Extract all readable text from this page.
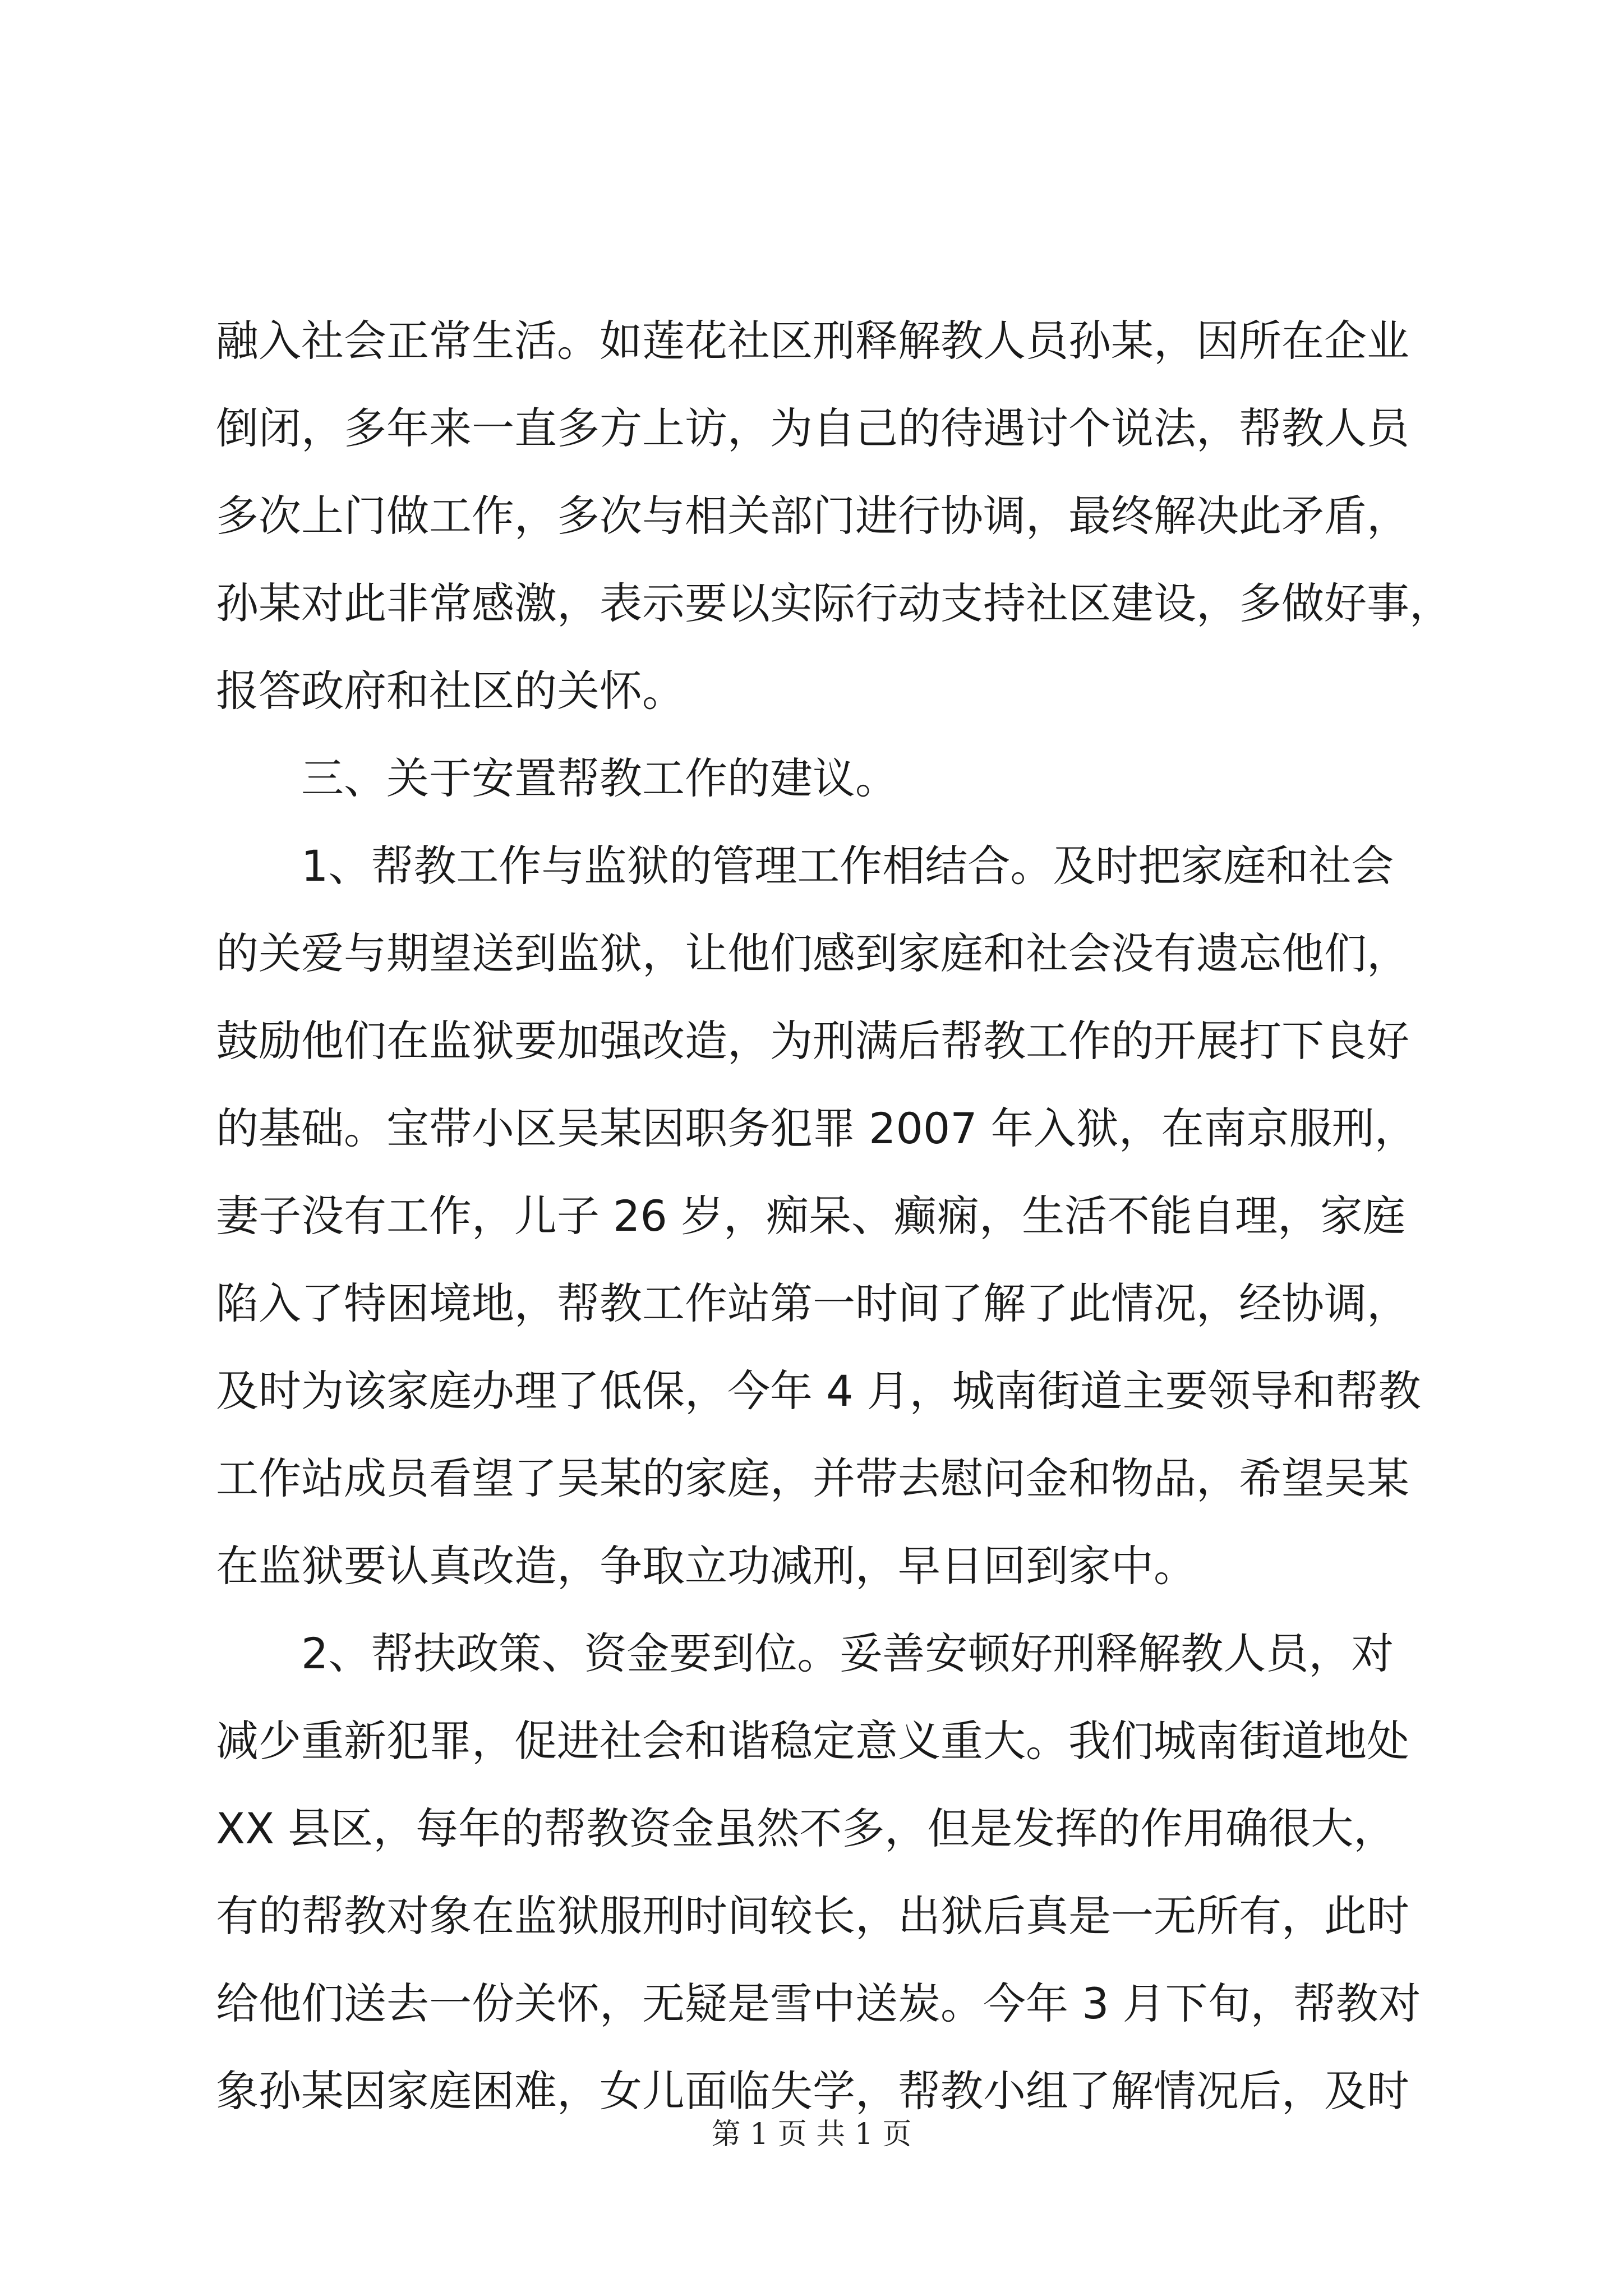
融入社会正常生活。如莲花社区刑释解教人员孙某，因所在企业
倒闭，多年来一直多方上访，为自己的待遇讨个说法，帮教人员
多次上门做工作，多次与相关部门进行协调，最终解决此矛盾，
孙某对此非常感激，表示要以实际行动支持社区建设，多做好事，
报答政府和社区的关怀。
三、关于安置帮教工作的建议。
1、帮教工作与监狱的管理工作相结合。及时把家庭和社会
的关爱与期望送到监狱，让他们感到家庭和社会没有遗忘他们，
鼓励他们在监狱要加强改造，为刑满后帮教工作的开展打下良好
的基础。宝带小区吴某因职务犯罪 2007 年入狱，在南京服刑，
妻子没有工作，儿子 26 岁，痴呆、癫痫，生活不能自理，家庭
陷入了特困境地，帮教工作站第一时间了解了此情况，经协调，
及时为该家庭办理了低保，今年 4 月，城南街道主要领导和帮教
工作站成员看望了吴某的家庭，并带去慰问金和物品，希望吴某
在监狱要认真改造，争取立功减刑，早日回到家中。
2、帮扶政策、资金要到位。妥善安顿好刑释解教人员，对
减少重新犯罪，促进社会和谐稳定意义重大。我们城南街道地处
XX 县区，每年的帮教资金虽然不多，但是发挥的作用确很大，
有的帮教对象在监狱服刑时间较长，出狱后真是一无所有，此时
给他们送去一份关怀，无疑是雪中送炭。今年 3 月下旬，帮教对
象孙某因家庭困难，女儿面临失学，帮教小组了解情况后，及时
第 1 页 共 1 页
